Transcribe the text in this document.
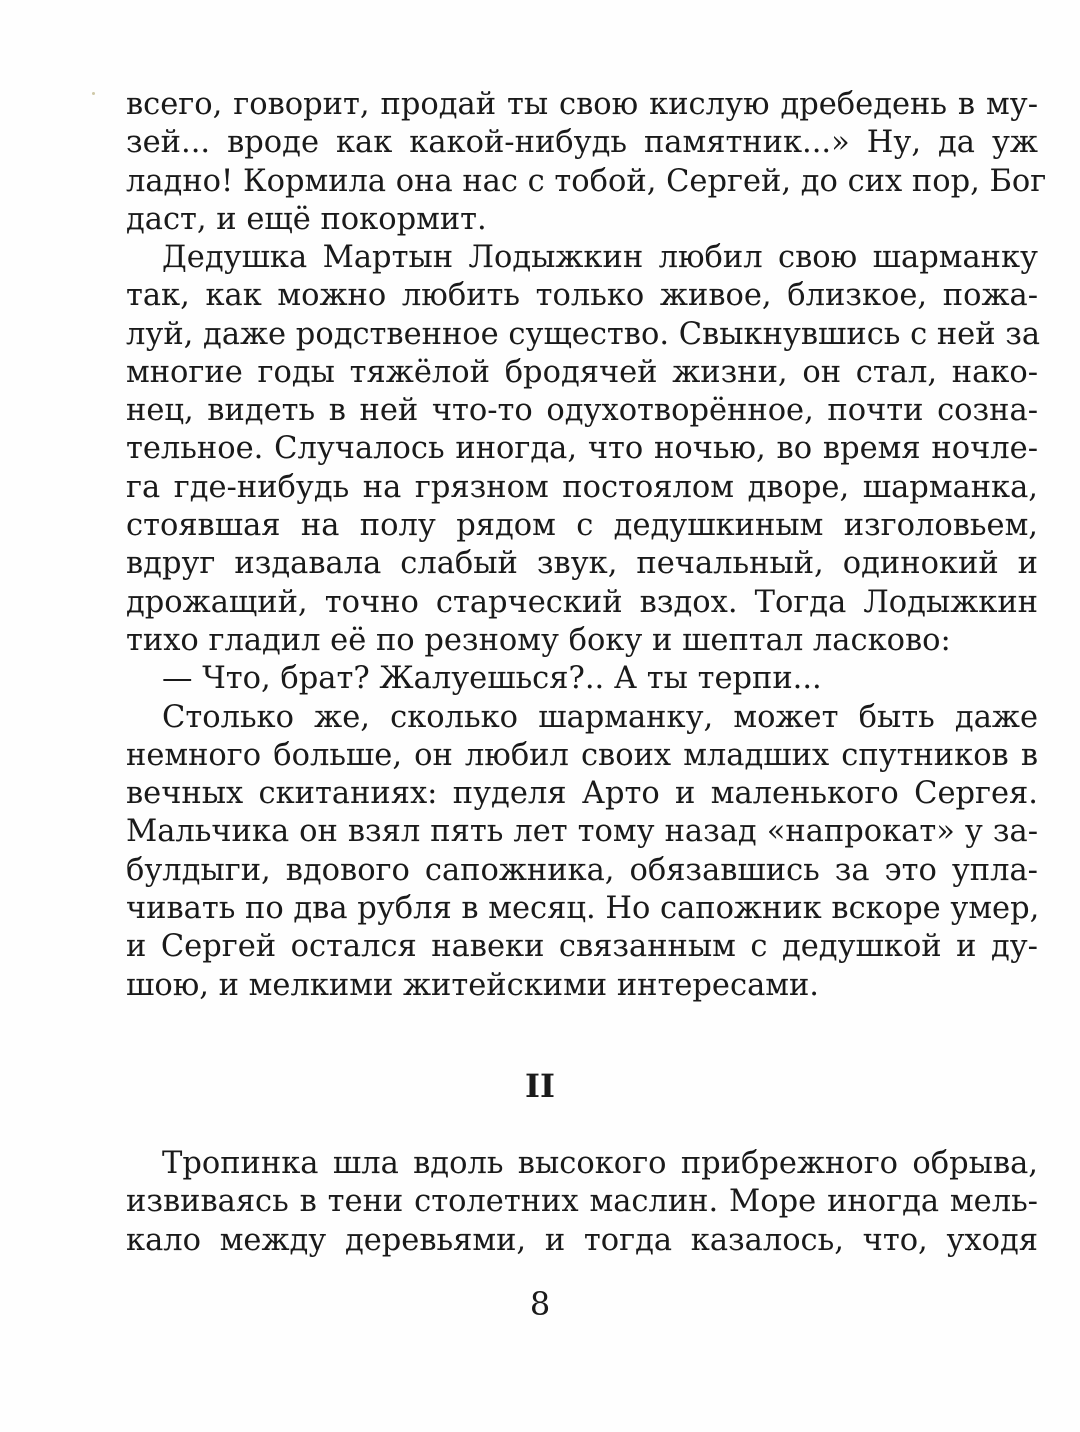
всего, говорит, продай ты свою кислую дребедень в му-
зей... вроде как какой-нибудь памятник...» Ну, да уж
ладно! Кормила она нас с тобой, Сергей, до сих пор, Бог
даст, и ещё покормит.
Дедушка Мартын Лодыжкин любил свою шарманку
так, как можно любить только живое, близкое, пожа-
луй, даже родственное существо. Свыкнувшись с ней за
многие годы тяжёлой бродячей жизни, он стал, нако-
нец, видеть в ней что-то одухотворённое, почти созна-
тельное. Случалось иногда, что ночью, во время ночле-
га где-нибудь на грязном постоялом дворе, шарманка,
стоявшая на полу рядом с дедушкиным изголовьем,
вдруг издавала слабый звук, печальный, одинокий и
дрожащий, точно старческий вздох. Тогда Лодыжкин
тихо гладил её по резному боку и шептал ласково:
— Что, брат? Жалуешься?.. А ты терпи...
Столько же, сколько шарманку, может быть даже
немного больше, он любил своих младших спутников в
вечных скитаниях: пуделя Арто и маленького Сергея.
Мальчика он взял пять лет тому назад «напрокат» у за-
булдыги, вдового сапожника, обязавшись за это упла-
чивать по два рубля в месяц. Но сапожник вскоре умер,
и Сергей остался навеки связанным с дедушкой и ду-
шою, и мелкими житейскими интересами.
II
Тропинка шла вдоль высокого прибрежного обрыва,
извиваясь в тени столетних маслин. Море иногда мель-
кало между деревьями, и тогда казалось, что, уходя
8
